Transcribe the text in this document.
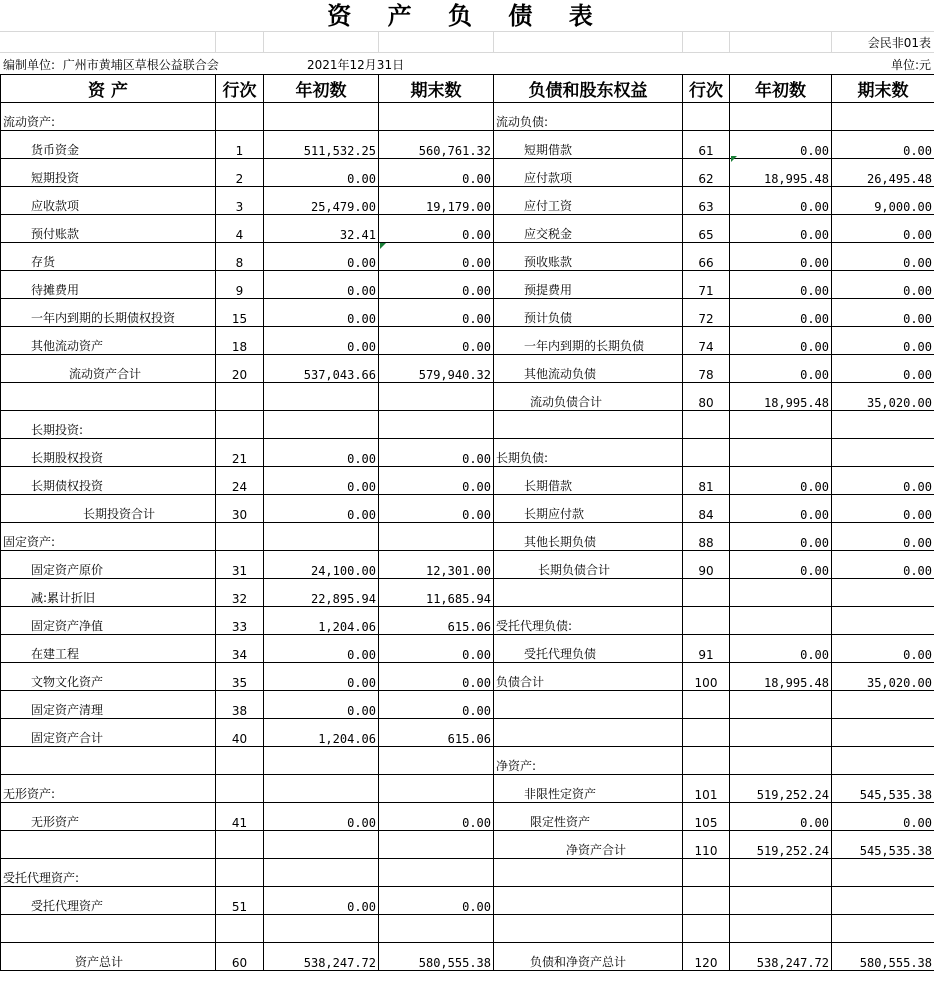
资 产 负 债 表
会民非01表
编制单位: 广州市黄埔区草根公益联合会	2021年12月31日	单位:元
资 产	行次	年初数	期末数	负债和股东权益	行次	年初数	期末数
流动资产:				流动负债:			
货币资金	1	511,532.25	560,761.32	短期借款	61	0.00	0.00
短期投资	2	0.00	0.00	应付款项	62	18,995.48	26,495.48
应收款项	3	25,479.00	19,179.00	应付工资	63	0.00	9,000.00
预付账款	4	32.41	0.00	应交税金	65	0.00	0.00
存货	8	0.00	0.00	预收账款	66	0.00	0.00
待摊费用	9	0.00	0.00	预提费用	71	0.00	0.00
一年内到期的长期债权投资	15	0.00	0.00	预计负债	72	0.00	0.00
其他流动资产	18	0.00	0.00	一年内到期的长期负债	74	0.00	0.00
流动资产合计	20	537,043.66	579,940.32	其他流动负债	78	0.00	0.00
				流动负债合计	80	18,995.48	35,020.00
长期投资:							
长期股权投资	21	0.00	0.00	长期负债:			
长期债权投资	24	0.00	0.00	长期借款	81	0.00	0.00
长期投资合计	30	0.00	0.00	长期应付款	84	0.00	0.00
固定资产:				其他长期负债	88	0.00	0.00
固定资产原价	31	24,100.00	12,301.00	长期负债合计	90	0.00	0.00
减:累计折旧	32	22,895.94	11,685.94				
固定资产净值	33	1,204.06	615.06	受托代理负债:			
在建工程	34	0.00	0.00	受托代理负债	91	0.00	0.00
文物文化资产	35	0.00	0.00	负债合计	100	18,995.48	35,020.00
固定资产清理	38	0.00	0.00				
固定资产合计	40	1,204.06	615.06				
				净资产:			
无形资产:				非限性定资产	101	519,252.24	545,535.38
无形资产	41	0.00	0.00	限定性资产	105	0.00	0.00
				净资产合计	110	519,252.24	545,535.38
受托代理资产:							
受托代理资产	51	0.00	0.00				

资产总计	60	538,247.72	580,555.38	负债和净资产总计	120	538,247.72	580,555.38
